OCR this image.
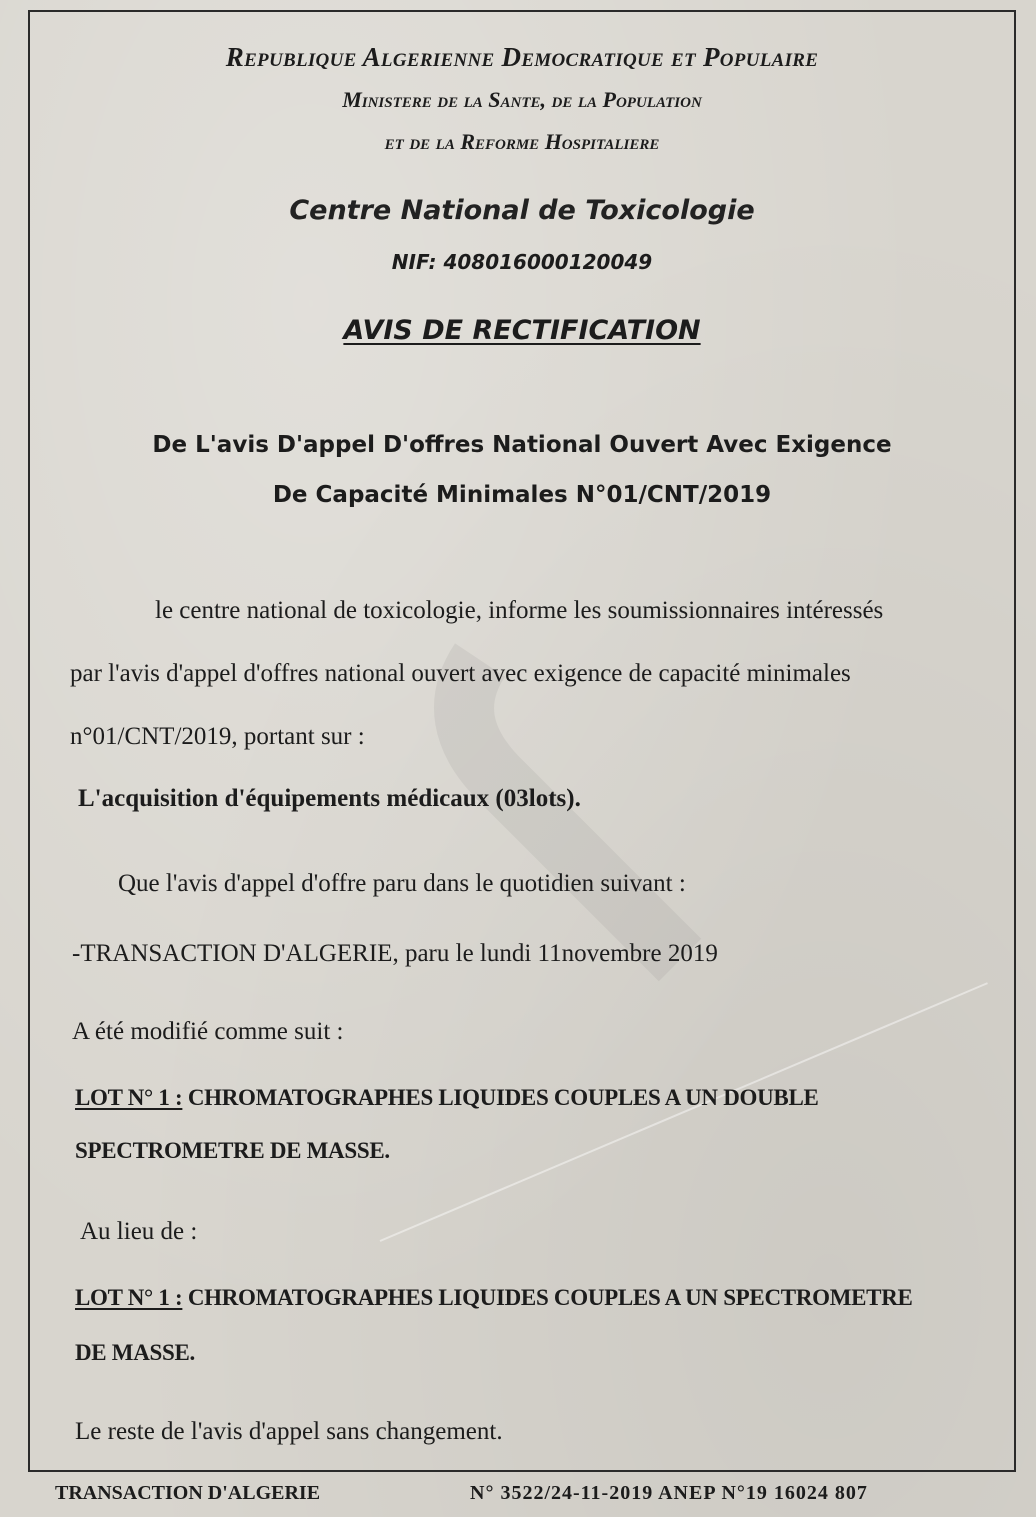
Republique Algerienne Democratique et Populaire
Ministere de la Sante, de la Population
et de la Reforme Hospitaliere
Centre National de Toxicologie
NIF: 408016000120049
AVIS DE RECTIFICATION
De L'avis D'appel D'offres National Ouvert Avec Exigence
De Capacité Minimales N°01/CNT/2019
le centre national de toxicologie, informe les soumissionnaires intéressés
par l'avis d'appel d'offres national ouvert avec exigence de capacité minimales
n°01/CNT/2019, portant sur :
L'acquisition d'équipements médicaux (03lots).
Que l'avis d'appel d'offre paru dans le quotidien suivant :
-TRANSACTION D'ALGERIE, paru le lundi 11novembre 2019
A été modifié comme suit :
LOT N° 1 : CHROMATOGRAPHES LIQUIDES COUPLES A UN DOUBLE
SPECTROMETRE DE MASSE.
Au lieu de :
LOT N° 1 : CHROMATOGRAPHES LIQUIDES COUPLES A UN SPECTROMETRE
DE MASSE.
Le reste de l'avis d'appel sans changement.
TRANSACTION D'ALGERIE	N° 3522/24-11-2019 ANEP N°19 16024 807
